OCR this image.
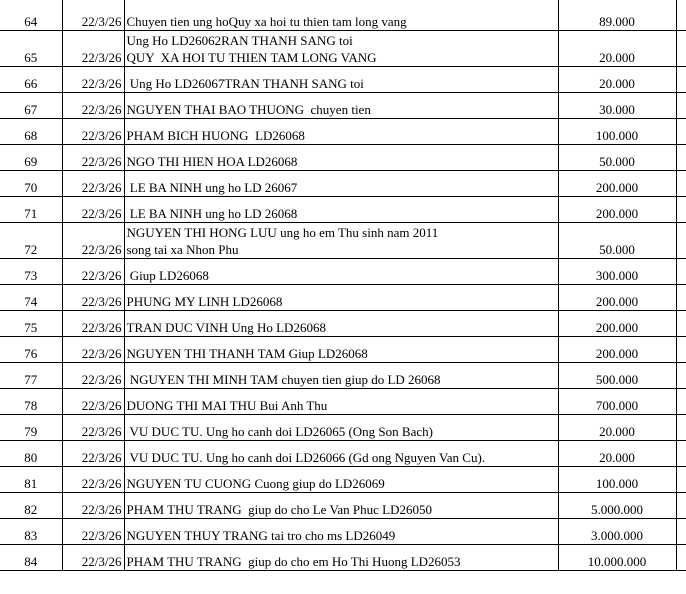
64	22/3/26	Chuyen tien ung hoQuy xa hoi tu thien tam long vang	89.000	
65	22/3/26	Ung Ho LD26062RAN THANH SANG toi
QUY  XA HOI TU THIEN TAM LONG VANG	20.000	
66	22/3/26	Ung Ho LD26067TRAN THANH SANG toi	20.000	
67	22/3/26	NGUYEN THAI BAO THUONG  chuyen tien	30.000	
68	22/3/26	PHAM BICH HUONG  LD26068	100.000	
69	22/3/26	NGO THI HIEN HOA LD26068	50.000	
70	22/3/26	LE BA NINH ung ho LD 26067	200.000	
71	22/3/26	LE BA NINH ung ho LD 26068	200.000	
72	22/3/26	NGUYEN THI HONG LUU ung ho em Thu sinh nam 2011
song tai xa Nhon Phu	50.000	
73	22/3/26	Giup LD26068	300.000	
74	22/3/26	PHUNG MY LINH LD26068	200.000	
75	22/3/26	TRAN DUC VINH Ung Ho LD26068	200.000	
76	22/3/26	NGUYEN THI THANH TAM Giup LD26068	200.000	
77	22/3/26	NGUYEN THI MINH TAM chuyen tien giup do LD 26068	500.000	
78	22/3/26	DUONG THI MAI THU Bui Anh Thu	700.000	
79	22/3/26	VU DUC TU. Ung ho canh doi LD26065 (Ong Son Bach)	20.000	
80	22/3/26	VU DUC TU. Ung ho canh doi LD26066 (Gd ong Nguyen Van Cu).	20.000	
81	22/3/26	NGUYEN TU CUONG Cuong giup do LD26069	100.000	
82	22/3/26	PHAM THU TRANG  giup do cho Le Van Phuc LD26050	5.000.000	
83	22/3/26	NGUYEN THUY TRANG tai tro cho ms LD26049	3.000.000	
84	22/3/26	PHAM THU TRANG  giup do cho em Ho Thi Huong LD26053	10.000.000	
